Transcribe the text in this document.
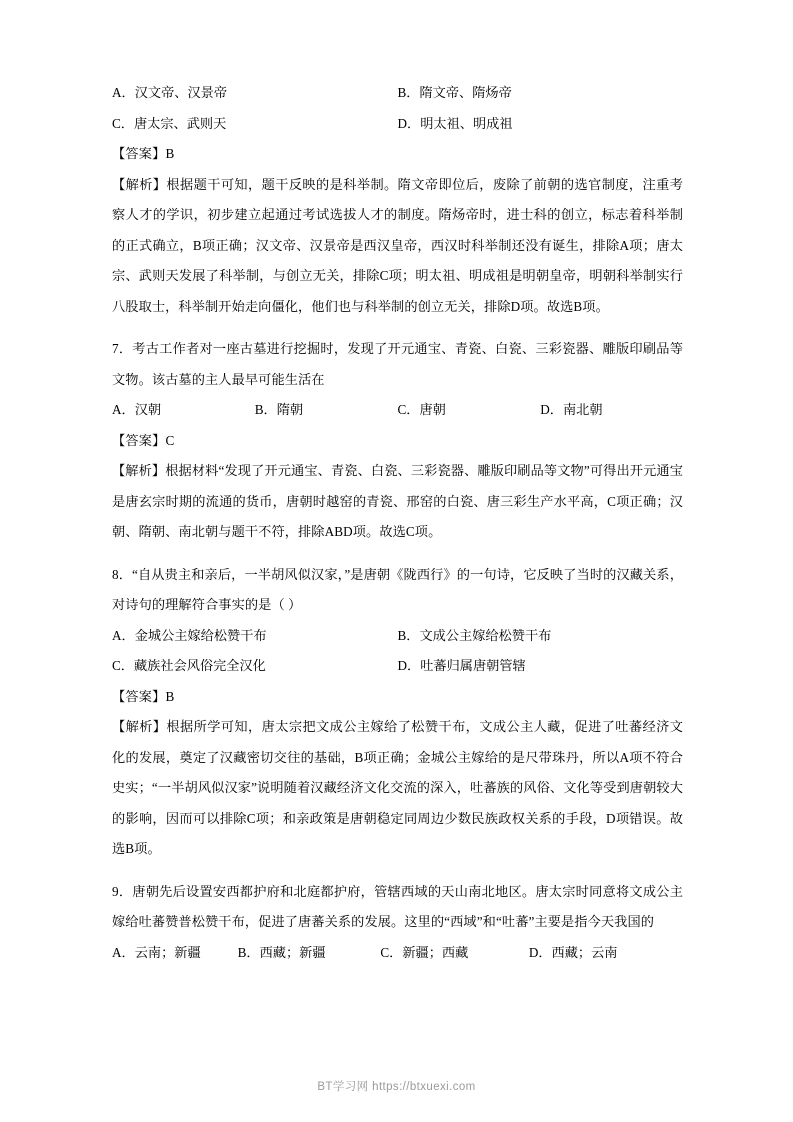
A．汉文帝、汉景帝	B．隋文帝、隋炀帝
C．唐太宗、武则天	D．明太祖、明成祖
【答案】B
【解析】根据题干可知，题干反映的是科举制。隋文帝即位后，废除了前朝的选官制度，注重考察人才的学识，初步建立起通过考试选拔人才的制度。隋炀帝时，进士科的创立，标志着科举制的正式确立，B项正确；汉文帝、汉景帝是西汉皇帝，西汉时科举制还没有诞生，排除A项；唐太宗、武则天发展了科举制，与创立无关，排除C项；明太祖、明成祖是明朝皇帝，明朝科举制实行八股取士，科举制开始走向僵化，他们也与科举制的创立无关，排除D项。故选B项。
7．考古工作者对一座古墓进行挖掘时，发现了开元通宝、青瓷、白瓷、三彩瓷器、雕版印刷品等文物。该古墓的主人最早可能生活在
A．汉朝	B．隋朝	C．唐朝	D．南北朝
【答案】C
【解析】根据材料“发现了开元通宝、青瓷、白瓷、三彩瓷器、雕版印刷品等文物”可得出开元通宝是唐玄宗时期的流通的货币，唐朝时越窑的青瓷、邢窑的白瓷、唐三彩生产水平高，C项正确；汉朝、隋朝、南北朝与题干不符，排除ABD项。故选C项。
8．“自从贵主和亲后，一半胡风似汉家，”是唐朝《陇西行》的一句诗，它反映了当时的汉藏关系，对诗句的理解符合事实的是（ ）
A．金城公主嫁给松赞干布	B．文成公主嫁给松赞干布
C．藏族社会风俗完全汉化	D．吐蕃归属唐朝管辖
【答案】B
【解析】根据所学可知，唐太宗把文成公主嫁给了松赞干布，文成公主人藏，促进了吐蕃经济文化的发展，奠定了汉藏密切交往的基础，B项正确；金城公主嫁给的是尺带珠丹，所以A项不符合史实；“一半胡风似汉家”说明随着汉藏经济文化交流的深入，吐蕃族的风俗、文化等受到唐朝较大的影响，因而可以排除C项；和亲政策是唐朝稳定同周边少数民族政权关系的手段，D项错误。故选B项。
9．唐朝先后设置安西都护府和北庭都护府，管辖西域的天山南北地区。唐太宗时同意将文成公主嫁给吐蕃赞普松赞干布，促进了唐蕃关系的发展。这里的“西域”和“吐蕃”主要是指今天我国的
A．云南；新疆	B．西藏；新疆	C．新疆；西藏	D．西藏；云南
BT学习网 https://btxuexi.com
